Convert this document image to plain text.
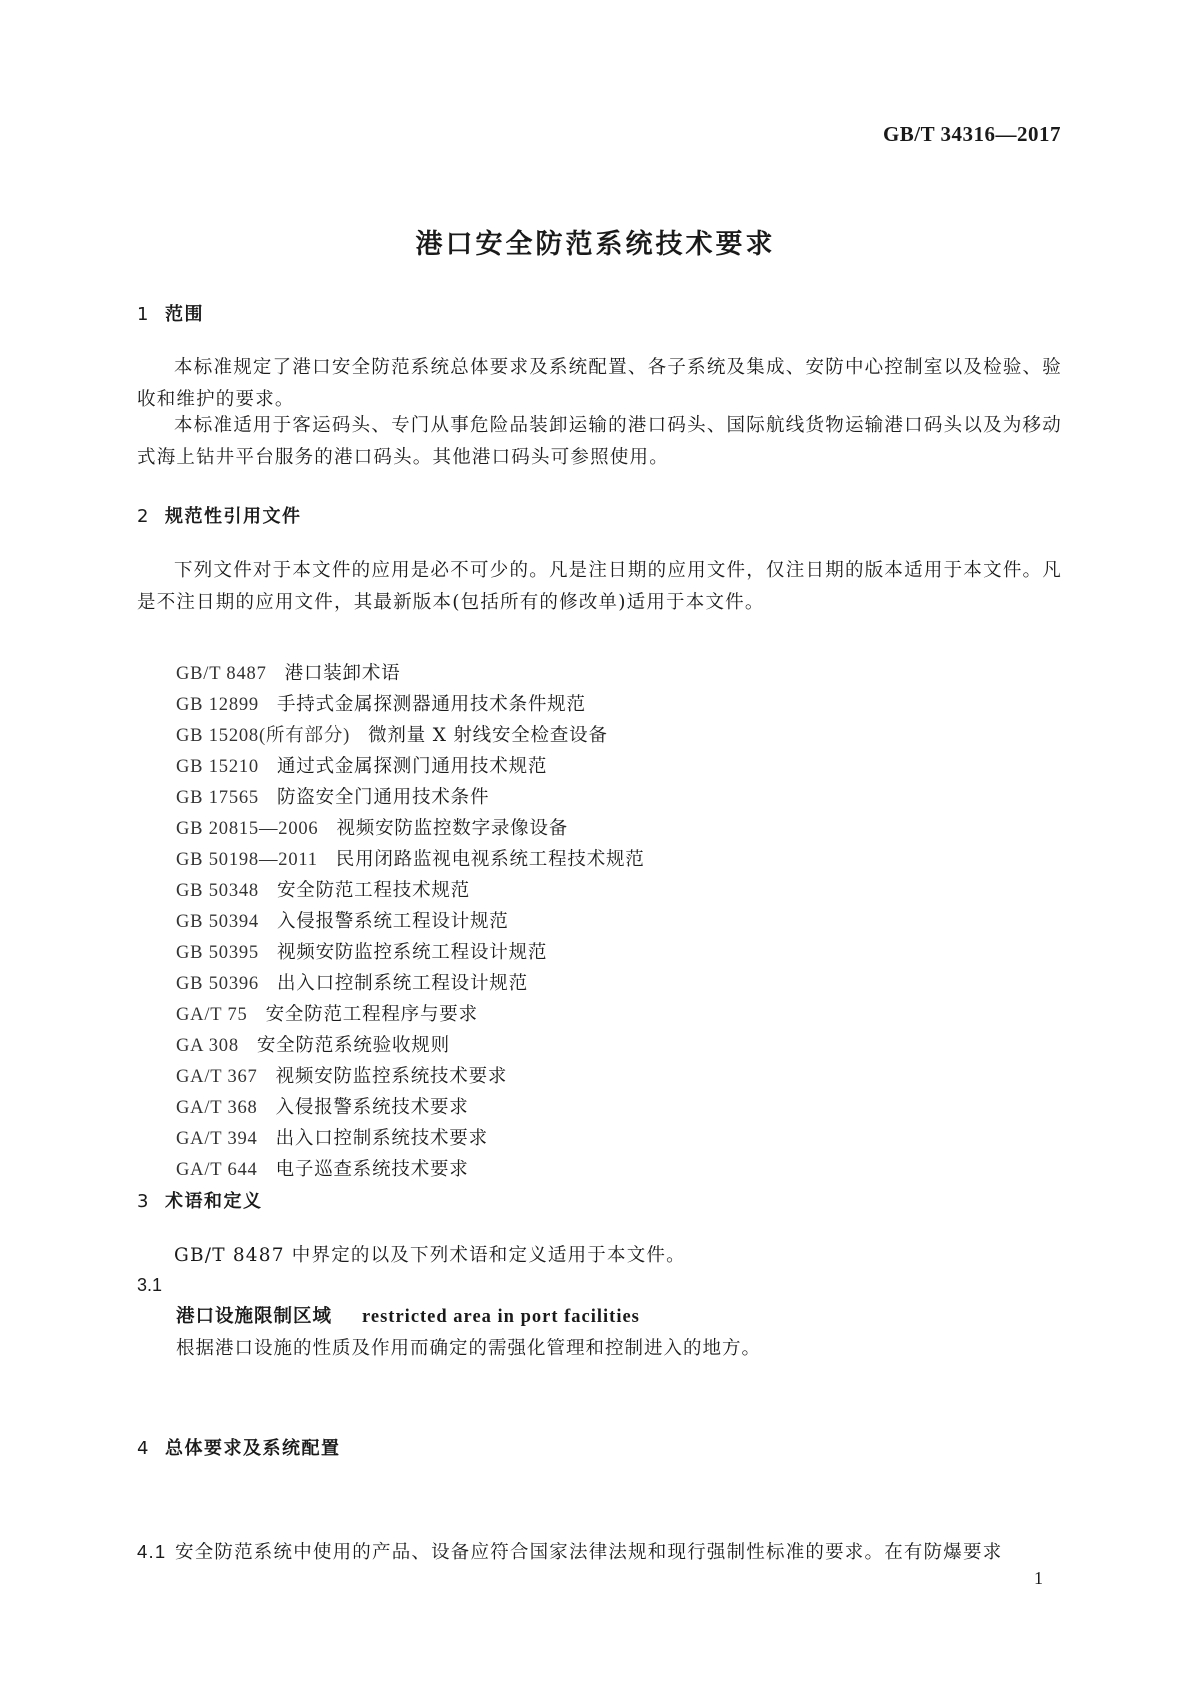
GB/T 34316—2017
港口安全防范系统技术要求
1 范围
本标准规定了港口安全防范系统总体要求及系统配置、各子系统及集成、安防中心控制室以及检验、验收和维护的要求。
本标准适用于客运码头、专门从事危险品装卸运输的港口码头、国际航线货物运输港口码头以及为移动式海上钻井平台服务的港口码头。其他港口码头可参照使用。
2 规范性引用文件
下列文件对于本文件的应用是必不可少的。凡是注日期的应用文件，仅注日期的版本适用于本文件。凡是不注日期的应用文件，其最新版本(包括所有的修改单)适用于本文件。
GB/T 8487 港口装卸术语
GB 12899 手持式金属探测器通用技术条件规范
GB 15208(所有部分) 微剂量 X 射线安全检查设备
GB 15210 通过式金属探测门通用技术规范
GB 17565 防盗安全门通用技术条件
GB 20815—2006 视频安防监控数字录像设备
GB 50198—2011 民用闭路监视电视系统工程技术规范
GB 50348 安全防范工程技术规范
GB 50394 入侵报警系统工程设计规范
GB 50395 视频安防监控系统工程设计规范
GB 50396 出入口控制系统工程设计规范
GA/T 75 安全防范工程程序与要求
GA 308 安全防范系统验收规则
GA/T 367 视频安防监控系统技术要求
GA/T 368 入侵报警系统技术要求
GA/T 394 出入口控制系统技术要求
GA/T 644 电子巡查系统技术要求
3 术语和定义
GB/T 8487 中界定的以及下列术语和定义适用于本文件。
3.1
港口设施限制区域 restricted area in port facilities
根据港口设施的性质及作用而确定的需强化管理和控制进入的地方。
4 总体要求及系统配置
4.1 安全防范系统中使用的产品、设备应符合国家法律法规和现行强制性标准的要求。在有防爆要求
1
